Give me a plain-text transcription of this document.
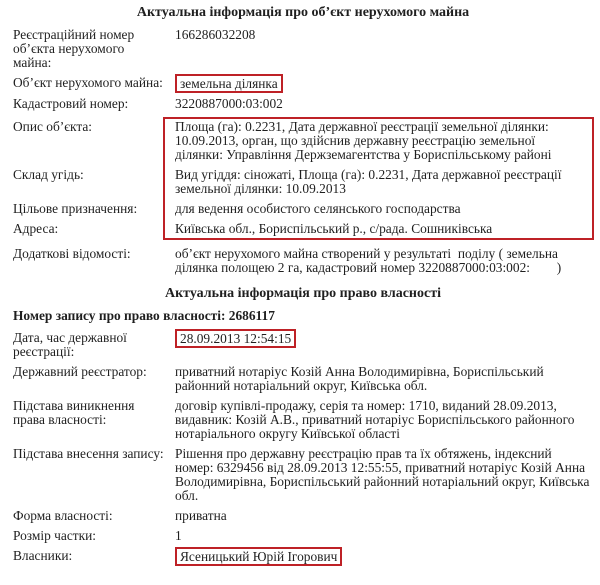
Актуальна інформація про об’єкт нерухомого майна
Реєстраційний номер об’єкта нерухомого майна:
166286032208
Об’єкт нерухомого майна:	земельна ділянка
Кадастровий номер:	3220887000:03:002
Опис об’єкта:	Площа (га): 0.2231, Дата державної реєстрації земельної ділянки: 10.09.2013, орган, що здійснив державну реєстрацію земельної ділянки: Управління Держземагентства у Бориспільському районі
Склад угідь:	Вид угіддя: сіножаті, Площа (га): 0.2231, Дата державної реєстрації земельної ділянки: 10.09.2013
Цільове призначення:	для ведення особистого селянського господарства
Адреса:	Київська обл., Бориспільський р., с/рада. Сошниківська
Додаткові відомості:	об’єкт нерухомого майна створений у результаті  поділу ( земельна ділянка полощею 2 га, кадастровий номер 3220887000:03:002:        )
Актуальна інформація про право власності
Номер запису про право власності: 2686117
Дата, час державної реєстрації:
28.09.2013 12:54:15
Державний реєстратор:	приватний нотаріус Козій Анна Володимирівна, Бориспільський районний нотаріальний округ, Київська обл.
Підстава виникнення права власності:
договір купівлі-продажу, серія та номер: 1710, виданий 28.09.2013, видавник: Козій А.В., приватний нотаріус Бориспільського районного нотаріального округу Київської області
Підстава внесення запису: Рішення про державну реєстрацію прав та їх обтяжень, індексний номер: 6329456 від 28.09.2013 12:55:55, приватний нотаріус Козій Анна Володимирівна, Бориспільський районний нотаріальний округ, Київська обл.
Форма власності:	приватна
Розмір частки:	1
Власники:	Ясеницький Юрій Ігорович
